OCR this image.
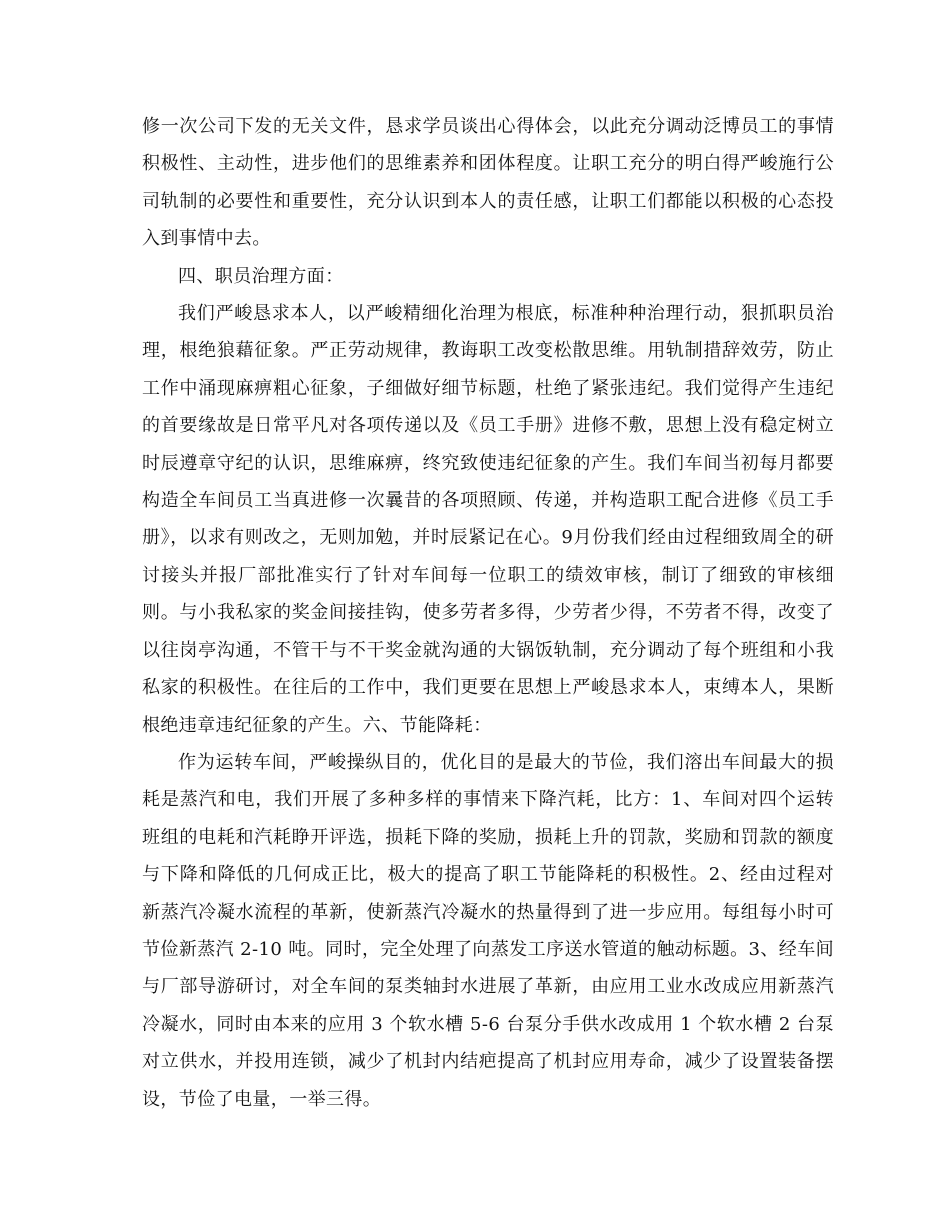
修一次公司下发的无关文件，恳求学员谈出心得体会，以此充分调动泛博员工的事情积极性、主动性，进步他们的思维素养和团体程度。让职工充分的明白得严峻施行公司轨制的必要性和重要性，充分认识到本人的责任感，让职工们都能以积极的心态投入到事情中去。

四、职员治理方面：

我们严峻恳求本人，以严峻精细化治理为根底，标准种种治理行动，狠抓职员治理，根绝狼藉征象。严正劳动规律，教诲职工改变松散思维。用轨制措辞效劳，防止工作中涌现麻痹粗心征象，子细做好细节标题，杜绝了紧张违纪。我们觉得产生违纪的首要缘故是日常平凡对各项传递以及《员工手册》进修不敷，思想上没有稳定树立时辰遵章守纪的认识，思维麻痹，终究致使违纪征象的产生。我们车间当初每月都要构造全车间员工当真进修一次曩昔的各项照顾、传递，并构造职工配合进修《员工手册》，以求有则改之，无则加勉，并时辰紧记在心。9月份我们经由过程细致周全的研讨接头并报厂部批准实行了针对车间每一位职工的绩效审核，制订了细致的审核细则。与小我私家的奖金间接挂钩，使多劳者多得，少劳者少得，不劳者不得，改变了以往岗亭沟通，不管干与不干奖金就沟通的大锅饭轨制，充分调动了每个班组和小我私家的积极性。在往后的工作中，我们更要在思想上严峻恳求本人，束缚本人，果断根绝违章违纪征象的产生。六、节能降耗：

作为运转车间，严峻操纵目的，优化目的是最大的节俭，我们溶出车间最大的损耗是蒸汽和电，我们开展了多种多样的事情来下降汽耗，比方：1、车间对四个运转班组的电耗和汽耗睁开评选，损耗下降的奖励，损耗上升的罚款，奖励和罚款的额度与下降和降低的几何成正比，极大的提高了职工节能降耗的积极性。2、经由过程对新蒸汽冷凝水流程的革新，使新蒸汽冷凝水的热量得到了进一步应用。每组每小时可节俭新蒸汽 2-10 吨。同时，完全处理了向蒸发工序送水管道的触动标题。3、经车间与厂部导游研讨，对全车间的泵类轴封水进展了革新，由应用工业水改成应用新蒸汽冷凝水，同时由本来的应用 3 个软水槽 5-6 台泵分手供水改成用 1 个软水槽 2 台泵对立供水，并投用连锁，减少了机封内结疤提高了机封应用寿命，减少了设置装备摆设，节俭了电量，一举三得。
